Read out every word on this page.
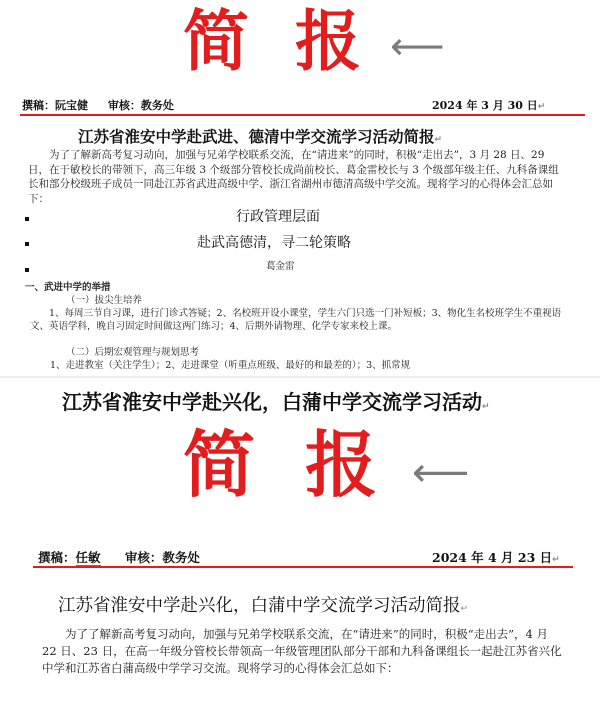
简  报 ⟵
撰稿：阮宝健 审核：教务处	2024 年 3 月 30 日↵
江苏省淮安中学赴武进、德清中学交流学习活动简报↵
为了了解新高考复习动向，加强与兄弟学校联系交流，在“请进来”的同时，积极“走出去”，3 月 28 日、29 日，在于敏校长的带领下，高三年级 3 个级部分管校长成尚前校长、葛金雷校长与 3 个级部年级主任、九科备课组长和部分校级班子成员一同赴江苏省武进高级中学、浙江省湖州市德清高级中学交流。现将学习的心得体会汇总如下：
行政管理层面
赴武高德清，寻二轮策略
葛金雷
一、武进中学的举措
（一）拔尖生培养
1、每周三节自习课，进行门诊式答疑；2、名校班开设小课堂，学生六门只选一门补短板；3、物化生名校班学生不重视语文、英语学科，晚自习固定时间做这两门练习；4、后期外请物理、化学专家来校上课。
（二）后期宏观管理与规划思考
1、走进教室（关注学生）；2、走进课堂（听重点班级、最好的和最差的）；3、抓常规
江苏省淮安中学赴兴化，白蒲中学交流学习活动↵
简  报 ⟵
撰稿：任敏 审核：教务处	2024 年 4 月 23 日↵
江苏省淮安中学赴兴化，白蒲中学交流学习活动简报↵
为了了解新高考复习动向，加强与兄弟学校联系交流，在“请进来”的同时，积极“走出去”，4 月 22 日、23 日，在高一年级分管校长带领高一年级管理团队部分干部和九科备课组长一起赴江苏省兴化中学和江苏省白蒲高级中学学习交流。现将学习的心得体会汇总如下：
